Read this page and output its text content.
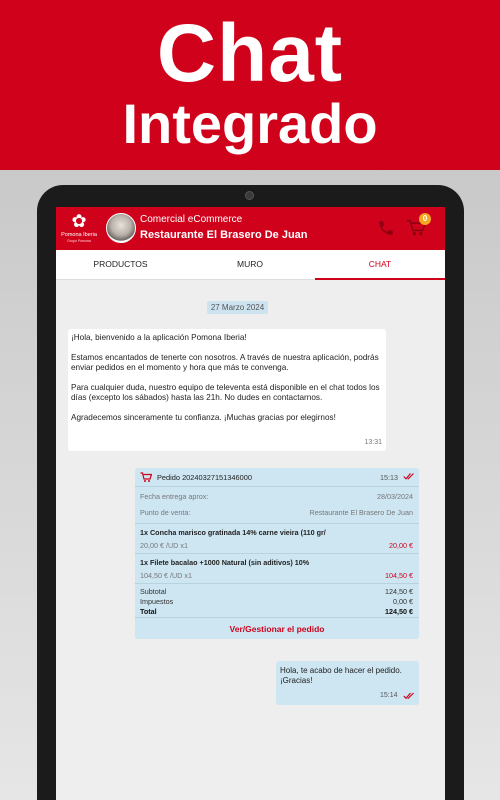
Chat
Integrado
✿
Pomona Iberia
Grupo Pomona
Comercial eCommerce
Restaurante El Brasero De Juan
0
PRODUCTOS	MURO	CHAT
27 Marzo 2024

¡Hola, bienvenido a la aplicación Pomona Iberia!

Estamos encantados de tenerte con nosotros. A través de nuestra aplicación, podrás enviar pedidos en el momento y hora que más te convenga.

Para cualquier duda, nuestro equipo de televenta está disponible en el chat todos los días (excepto los sábados) hasta las 21h. No dudes en contactarnos.

Agradecemos sinceramente tu confianza. ¡Muchas gracias por elegirnos!

13:31
Pedido 20240327151346000	15:13
Fecha entrega aprox:	28/03/2024
Punto de venta:	Restaurante El Brasero De Juan
1x Concha marisco gratinada 14% carne vieira (110 gr/
20,00 € /UD x1	20,00 €
1x Filete bacalao +1000 Natural (sin aditivos) 10%
104,50 € /UD x1	104,50 €
Subtotal	124,50 €
Impuestos	0,00 €
Total	124,50 €
Ver/Gestionar el pedido
Hola, te acabo de hacer el pedido. ¡Gracias!
15:14
